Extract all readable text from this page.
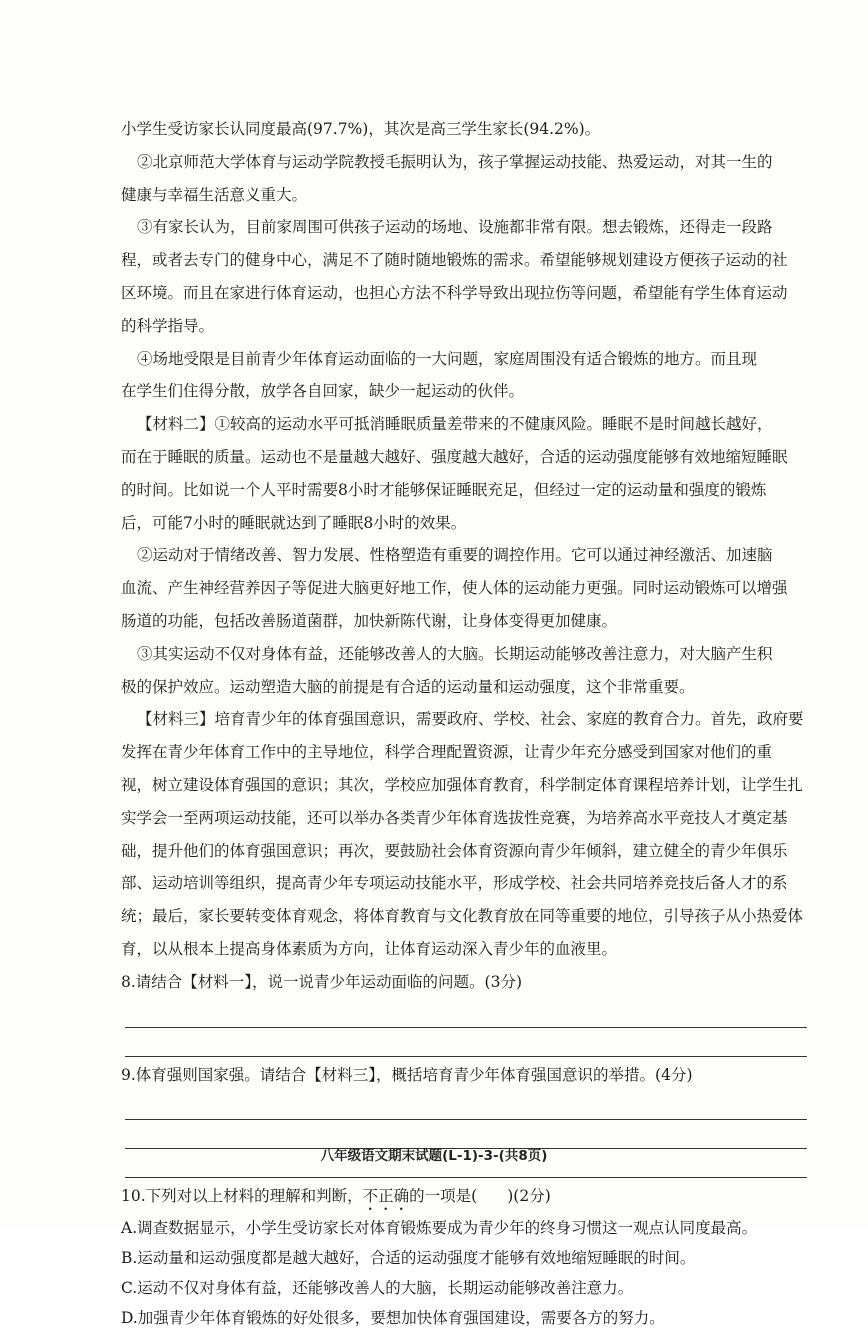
小学生受访家长认同度最高(97.7%)，其次是高三学生家长(94.2%)。
②北京师范大学体育与运动学院教授毛振明认为，孩子掌握运动技能、热爱运动，对其一生的
健康与幸福生活意义重大。
③有家长认为，目前家周围可供孩子运动的场地、设施都非常有限。想去锻炼，还得走一段路
程，或者去专门的健身中心，满足不了随时随地锻炼的需求。希望能够规划建设方便孩子运动的社
区环境。而且在家进行体育运动，也担心方法不科学导致出现拉伤等问题，希望能有学生体育运动
的科学指导。
④场地受限是目前青少年体育运动面临的一大问题，家庭周围没有适合锻炼的地方。而且现
在学生们住得分散，放学各自回家，缺少一起运动的伙伴。
【材料二】①较高的运动水平可抵消睡眠质量差带来的不健康风险。睡眠不是时间越长越好，
而在于睡眠的质量。运动也不是量越大越好、强度越大越好，合适的运动强度能够有效地缩短睡眠
的时间。比如说一个人平时需要8小时才能够保证睡眠充足，但经过一定的运动量和强度的锻炼
后，可能7小时的睡眠就达到了睡眠8小时的效果。
②运动对于情绪改善、智力发展、性格塑造有重要的调控作用。它可以通过神经激活、加速脑
血流、产生神经营养因子等促进大脑更好地工作，使人体的运动能力更强。同时运动锻炼可以增强
肠道的功能，包括改善肠道菌群，加快新陈代谢，让身体变得更加健康。
③其实运动不仅对身体有益，还能够改善人的大脑。长期运动能够改善注意力，对大脑产生积
极的保护效应。运动塑造大脑的前提是有合适的运动量和运动强度，这个非常重要。
【材料三】培育青少年的体育强国意识，需要政府、学校、社会、家庭的教育合力。首先，政府要
发挥在青少年体育工作中的主导地位，科学合理配置资源，让青少年充分感受到国家对他们的重
视，树立建设体育强国的意识；其次，学校应加强体育教育，科学制定体育课程培养计划，让学生扎
实学会一至两项运动技能，还可以举办各类青少年体育选拔性竞赛，为培养高水平竞技人才奠定基
础，提升他们的体育强国意识；再次，要鼓励社会体育资源向青少年倾斜，建立健全的青少年俱乐
部、运动培训等组织，提高青少年专项运动技能水平，形成学校、社会共同培养竞技后备人才的系
统；最后，家长要转变体育观念，将体育教育与文化教育放在同等重要的地位，引导孩子从小热爱体
育，以从根本上提高身体素质为方向，让体育运动深入青少年的血液里。
8.请结合【材料一】，说一说青少年运动面临的问题。(3分)
9.体育强则国家强。请结合【材料三】，概括培育青少年体育强国意识的举措。(4分)
10.下列对以上材料的理解和判断，不正确的一项是( )(2分)
A.调查数据显示，小学生受访家长对体育锻炼要成为青少年的终身习惯这一观点认同度最高。
B.运动量和运动强度都是越大越好，合适的运动强度才能够有效地缩短睡眠的时间。
C.运动不仅对身体有益，还能够改善人的大脑，长期运动能够改善注意力。
D.加强青少年体育锻炼的好处很多，要想加快体育强国建设，需要各方的努力。
八年级语文期末试题(L-1)-3-(共8页)
